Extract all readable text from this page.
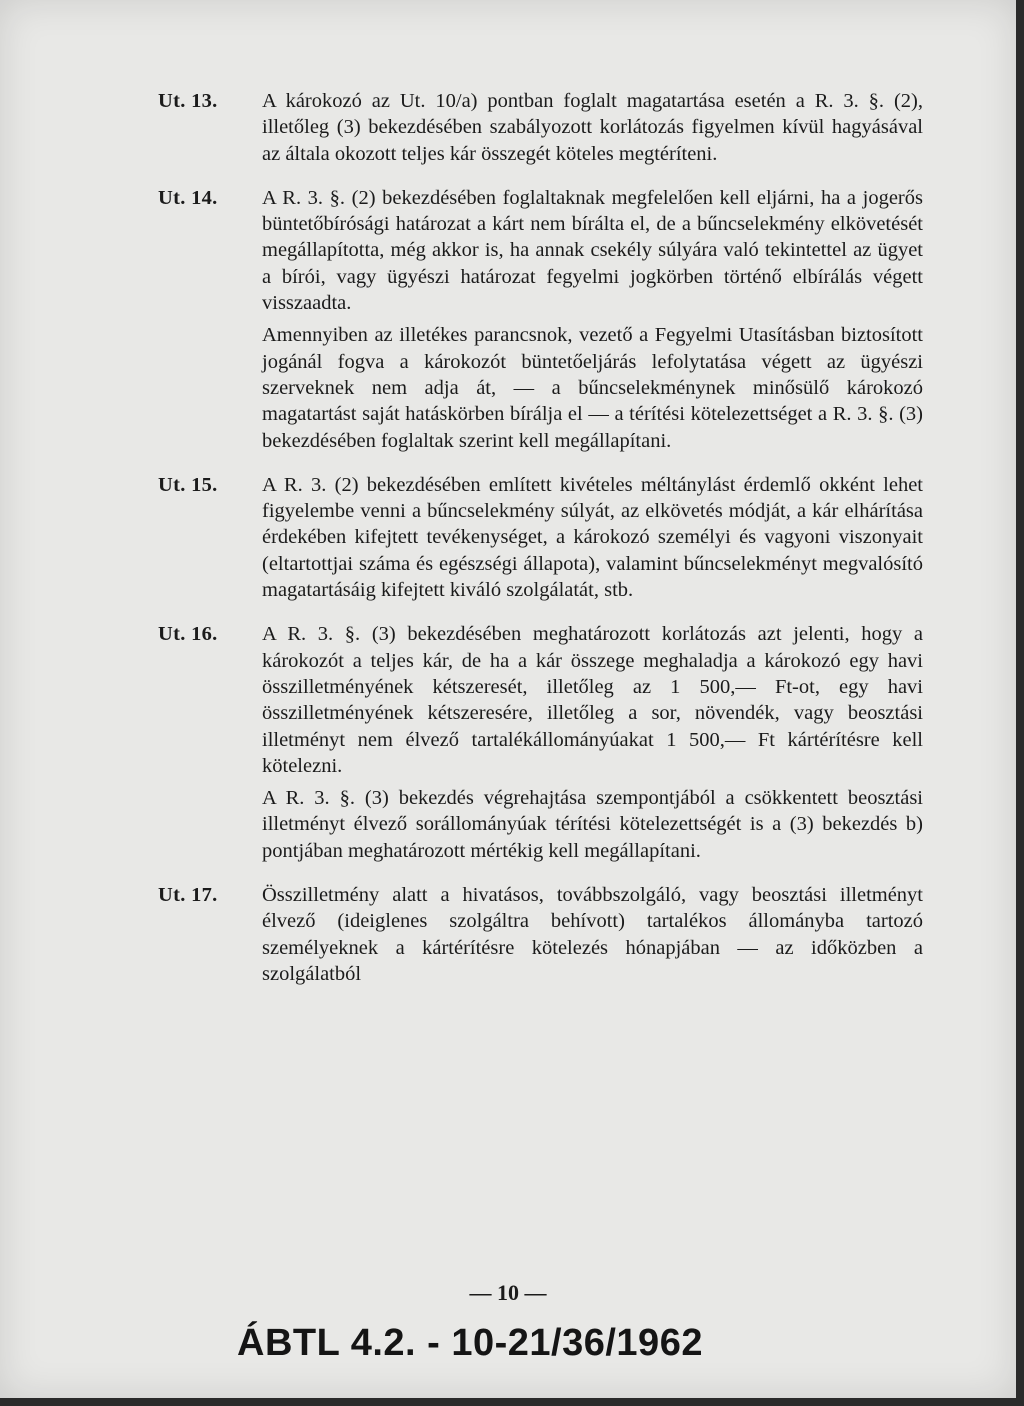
Ut. 13.	A károkozó az Ut. 10/a) pontban foglalt magatartása esetén a R. 3. §. (2), illetőleg (3) bekezdésében szabályozott korlátozás figyelmen kívül hagyásával az általa okozott teljes kár összegét köteles megtéríteni.

Ut. 14.	A R. 3. §. (2) bekezdésében foglaltaknak megfelelően kell eljárni, ha a jogerős büntetőbírósági határozat a kárt nem bírálta el, de a bűncselekmény elkövetését megállapította, még akkor is, ha annak csekély súlyára való tekintettel az ügyet a bírói, vagy ügyészi határozat fegyelmi jogkörben történő elbírálás végett visszaadta.

Amennyiben az illetékes parancsnok, vezető a Fegyelmi Utasításban biztosított jogánál fogva a károkozót büntetőeljárás lefolytatása végett az ügyészi szerveknek nem adja át, — a bűncselekménynek minősülő károkozó magatartást saját hatáskörben bírálja el — a térítési kötelezettséget a R. 3. §. (3) bekezdésében foglaltak szerint kell megállapítani.

Ut. 15.	A R. 3. (2) bekezdésében említett kivételes méltánylást érdemlő okként lehet figyelembe venni a bűncselekmény súlyát, az elkövetés módját, a kár elhárítása érdekében kifejtett tevékenységet, a károkozó személyi és vagyoni viszonyait (eltartottjai száma és egészségi állapota), valamint bűncselekményt megvalósító magatartásáig kifejtett kiváló szolgálatát, stb.

Ut. 16.	A R. 3. §. (3) bekezdésében meghatározott korlátozás azt jelenti, hogy a károkozót a teljes kár, de ha a kár összege meghaladja a károkozó egy havi összilletményének kétszeresét, illetőleg az 1 500,— Ft-ot, egy havi összilletményének kétszeresére, illetőleg a sor, növendék, vagy beosztási illetményt nem élvező tartalékállományúakat 1 500,— Ft kártérítésre kell kötelezni.

A R. 3. §. (3) bekezdés végrehajtása szempontjából a csökkentett beosztási illetményt élvező sorállományúak térítési kötelezettségét is a (3) bekezdés b) pontjában meghatározott mértékig kell megállapítani.

Ut. 17.	Összilletmény alatt a hivatásos, továbbszolgáló, vagy beosztási illetményt élvező (ideiglenes szolgáltra behívott) tartalékos állományba tartozó személyeknek a kártérítésre kötelezés hónapjában — az időközben a szolgálatból

— 10 —
ÁBTL 4.2. - 10-21/36/1962
